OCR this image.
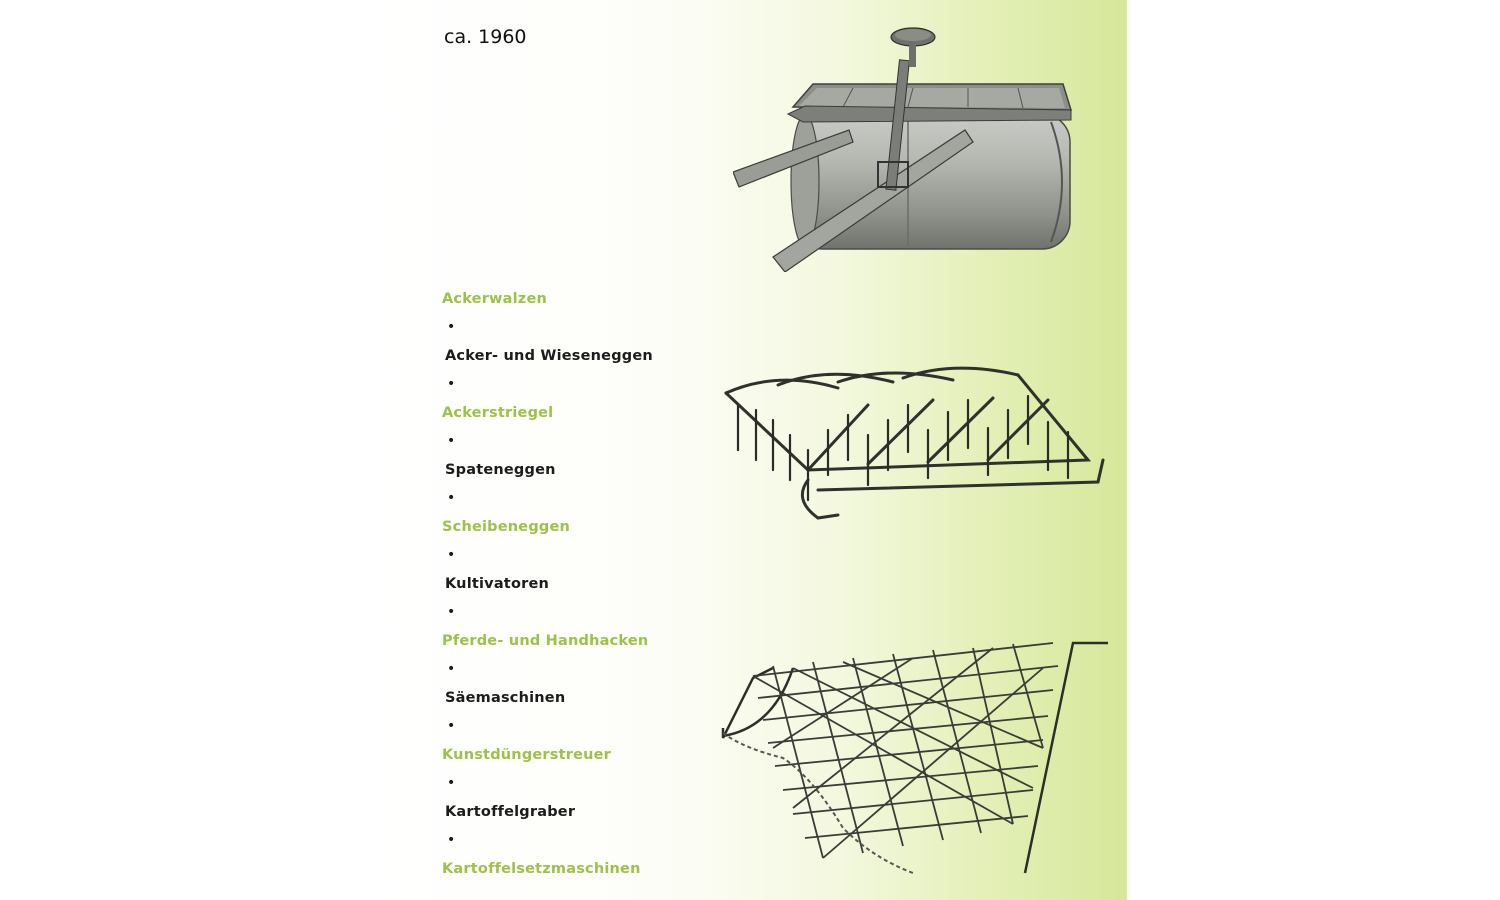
ca. 1960
Ackerwalzen
•
Acker- und Wieseneggen
•
Ackerstriegel
•
Spateneggen
•
Scheibeneggen
•
Kultivatoren
•
Pferde- und Handhacken
•
Säemaschinen
•
Kunstdüngerstreuer
•
Kartoffelgraber
•
Kartoffelsetzmaschinen
